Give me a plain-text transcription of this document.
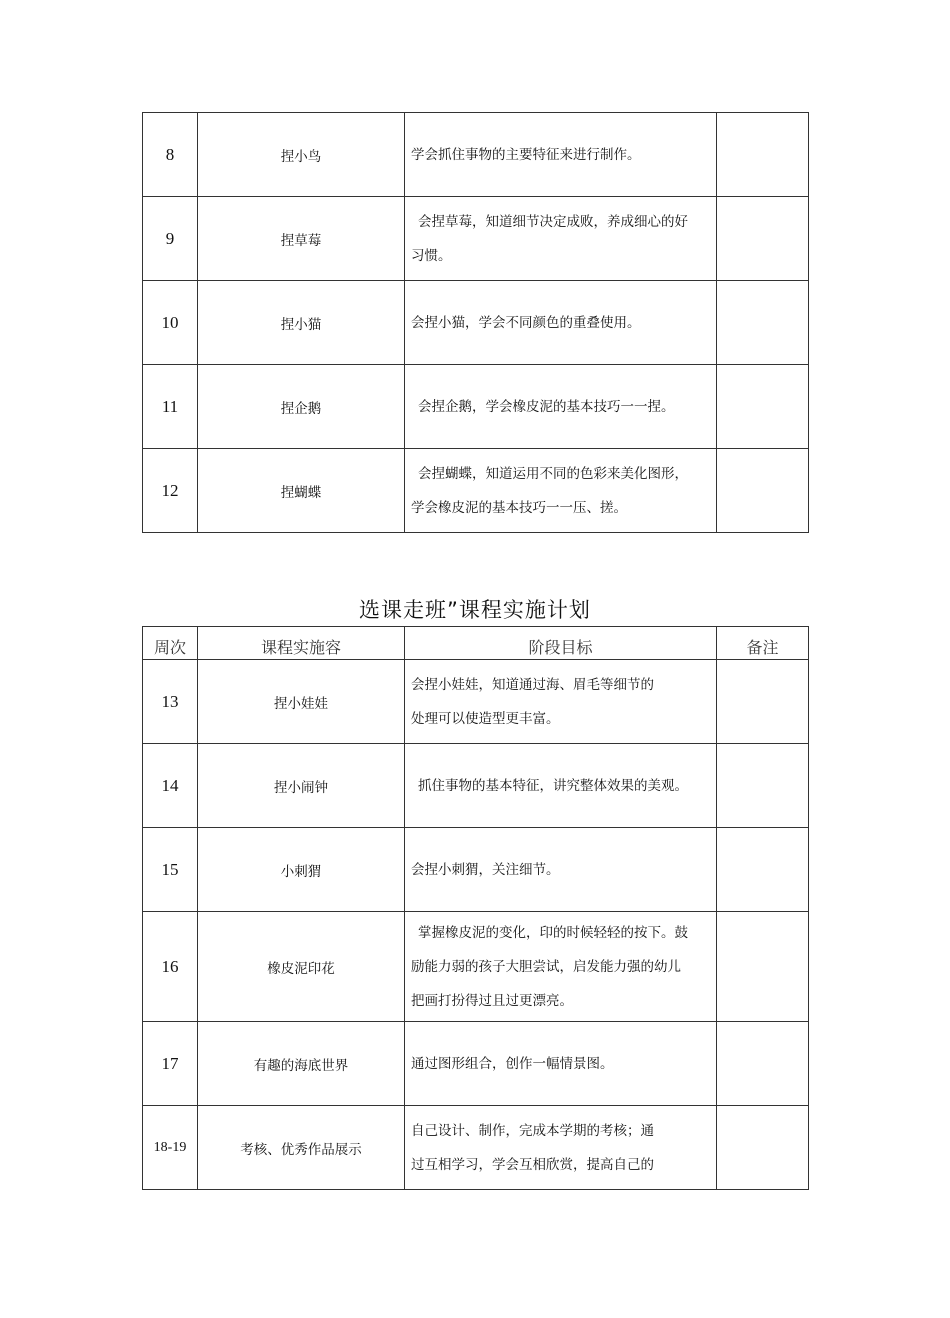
8	捏小鸟	学会抓住事物的主要特征来进行制作。	

9	捏草莓	会捏草莓，知道细节决定成败，养成细心的好
习惯。	

10	捏小猫	会捏小猫，学会不同颜色的重叠使用。	

11	捏企鹅	会捏企鹅，学会橡皮泥的基本技巧一一捏。	

12	捏蝴蝶	会捏蝴蝶，知道运用不同的色彩来美化图形，
学会橡皮泥的基本技巧一一压、搓。	

选课走班”课程实施计划
周次	课程实施容	阶段目标	备注
13	捏小娃娃	会捏小娃娃，知道通过海、眉毛等细节的
处理可以使造型更丰富。	

14	捏小闹钟	抓住事物的基本特征，讲究整体效果的美观。	

15	小刺猬	会捏小刺猬，关注细节。	

16	橡皮泥印花	掌握橡皮泥的变化，印的时候轻轻的按下。鼓
励能力弱的孩子大胆尝试，启发能力强的幼儿
把画打扮得过且过更漂亮。	

17	有趣的海底世界	通过图形组合，创作一幅情景图。	

18-19	考核、优秀作品展示	自己设计、制作，完成本学期的考核；通
过互相学习，学会互相欣赏，提高自己的	
